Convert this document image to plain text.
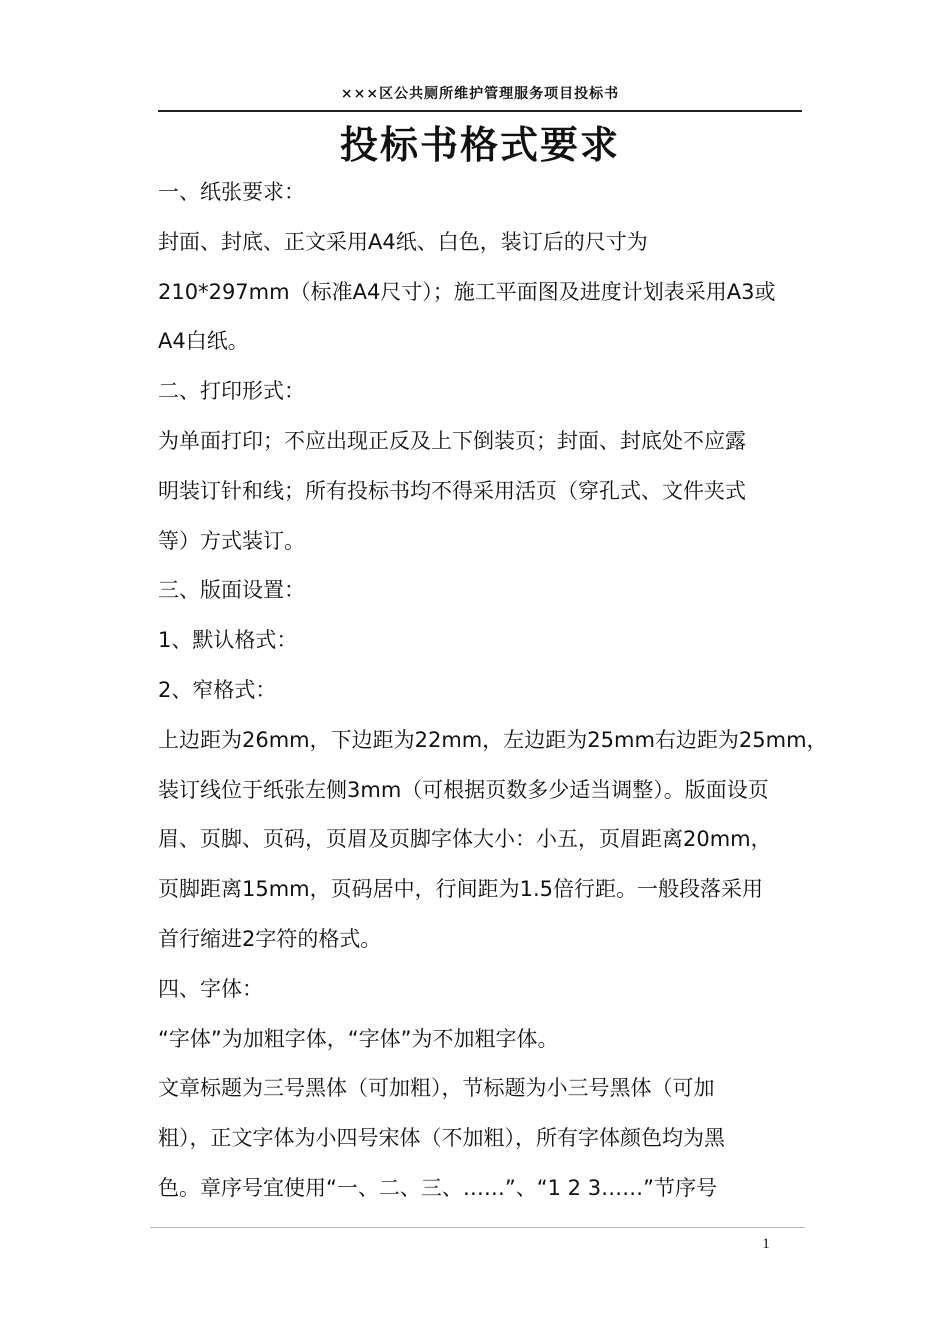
×××区公共厕所维护管理服务项目投标书
投标书格式要求

一、纸张要求：

封面、封底、正文采用A4纸、白色，装订后的尺寸为

210*297mm（标准A4尺寸）；施工平面图及进度计划表采用A3或

A4白纸。

二、打印形式：

为单面打印；不应出现正反及上下倒装页；封面、封底处不应露

明装订针和线；所有投标书均不得采用活页（穿孔式、文件夹式

等）方式装订。

三、版面设置：

1、默认格式：

2、窄格式：

上边距为26mm，下边距为22mm，左边距为25mm右边距为25mm，

装订线位于纸张左侧3mm（可根据页数多少适当调整）。版面设页

眉、页脚、页码，页眉及页脚字体大小：小五，页眉距离20mm，

页脚距离15mm，页码居中，行间距为1.5倍行距。一般段落采用

首行缩进2字符的格式。

四、字体：

“字体”为加粗字体，“字体”为不加粗字体。

文章标题为三号黑体（可加粗），节标题为小三号黑体（可加

粗），正文字体为小四号宋体（不加粗），所有字体颜色均为黑

色。章序号宜使用“一、二、三、……”、“1 2 3……”节序号

1
